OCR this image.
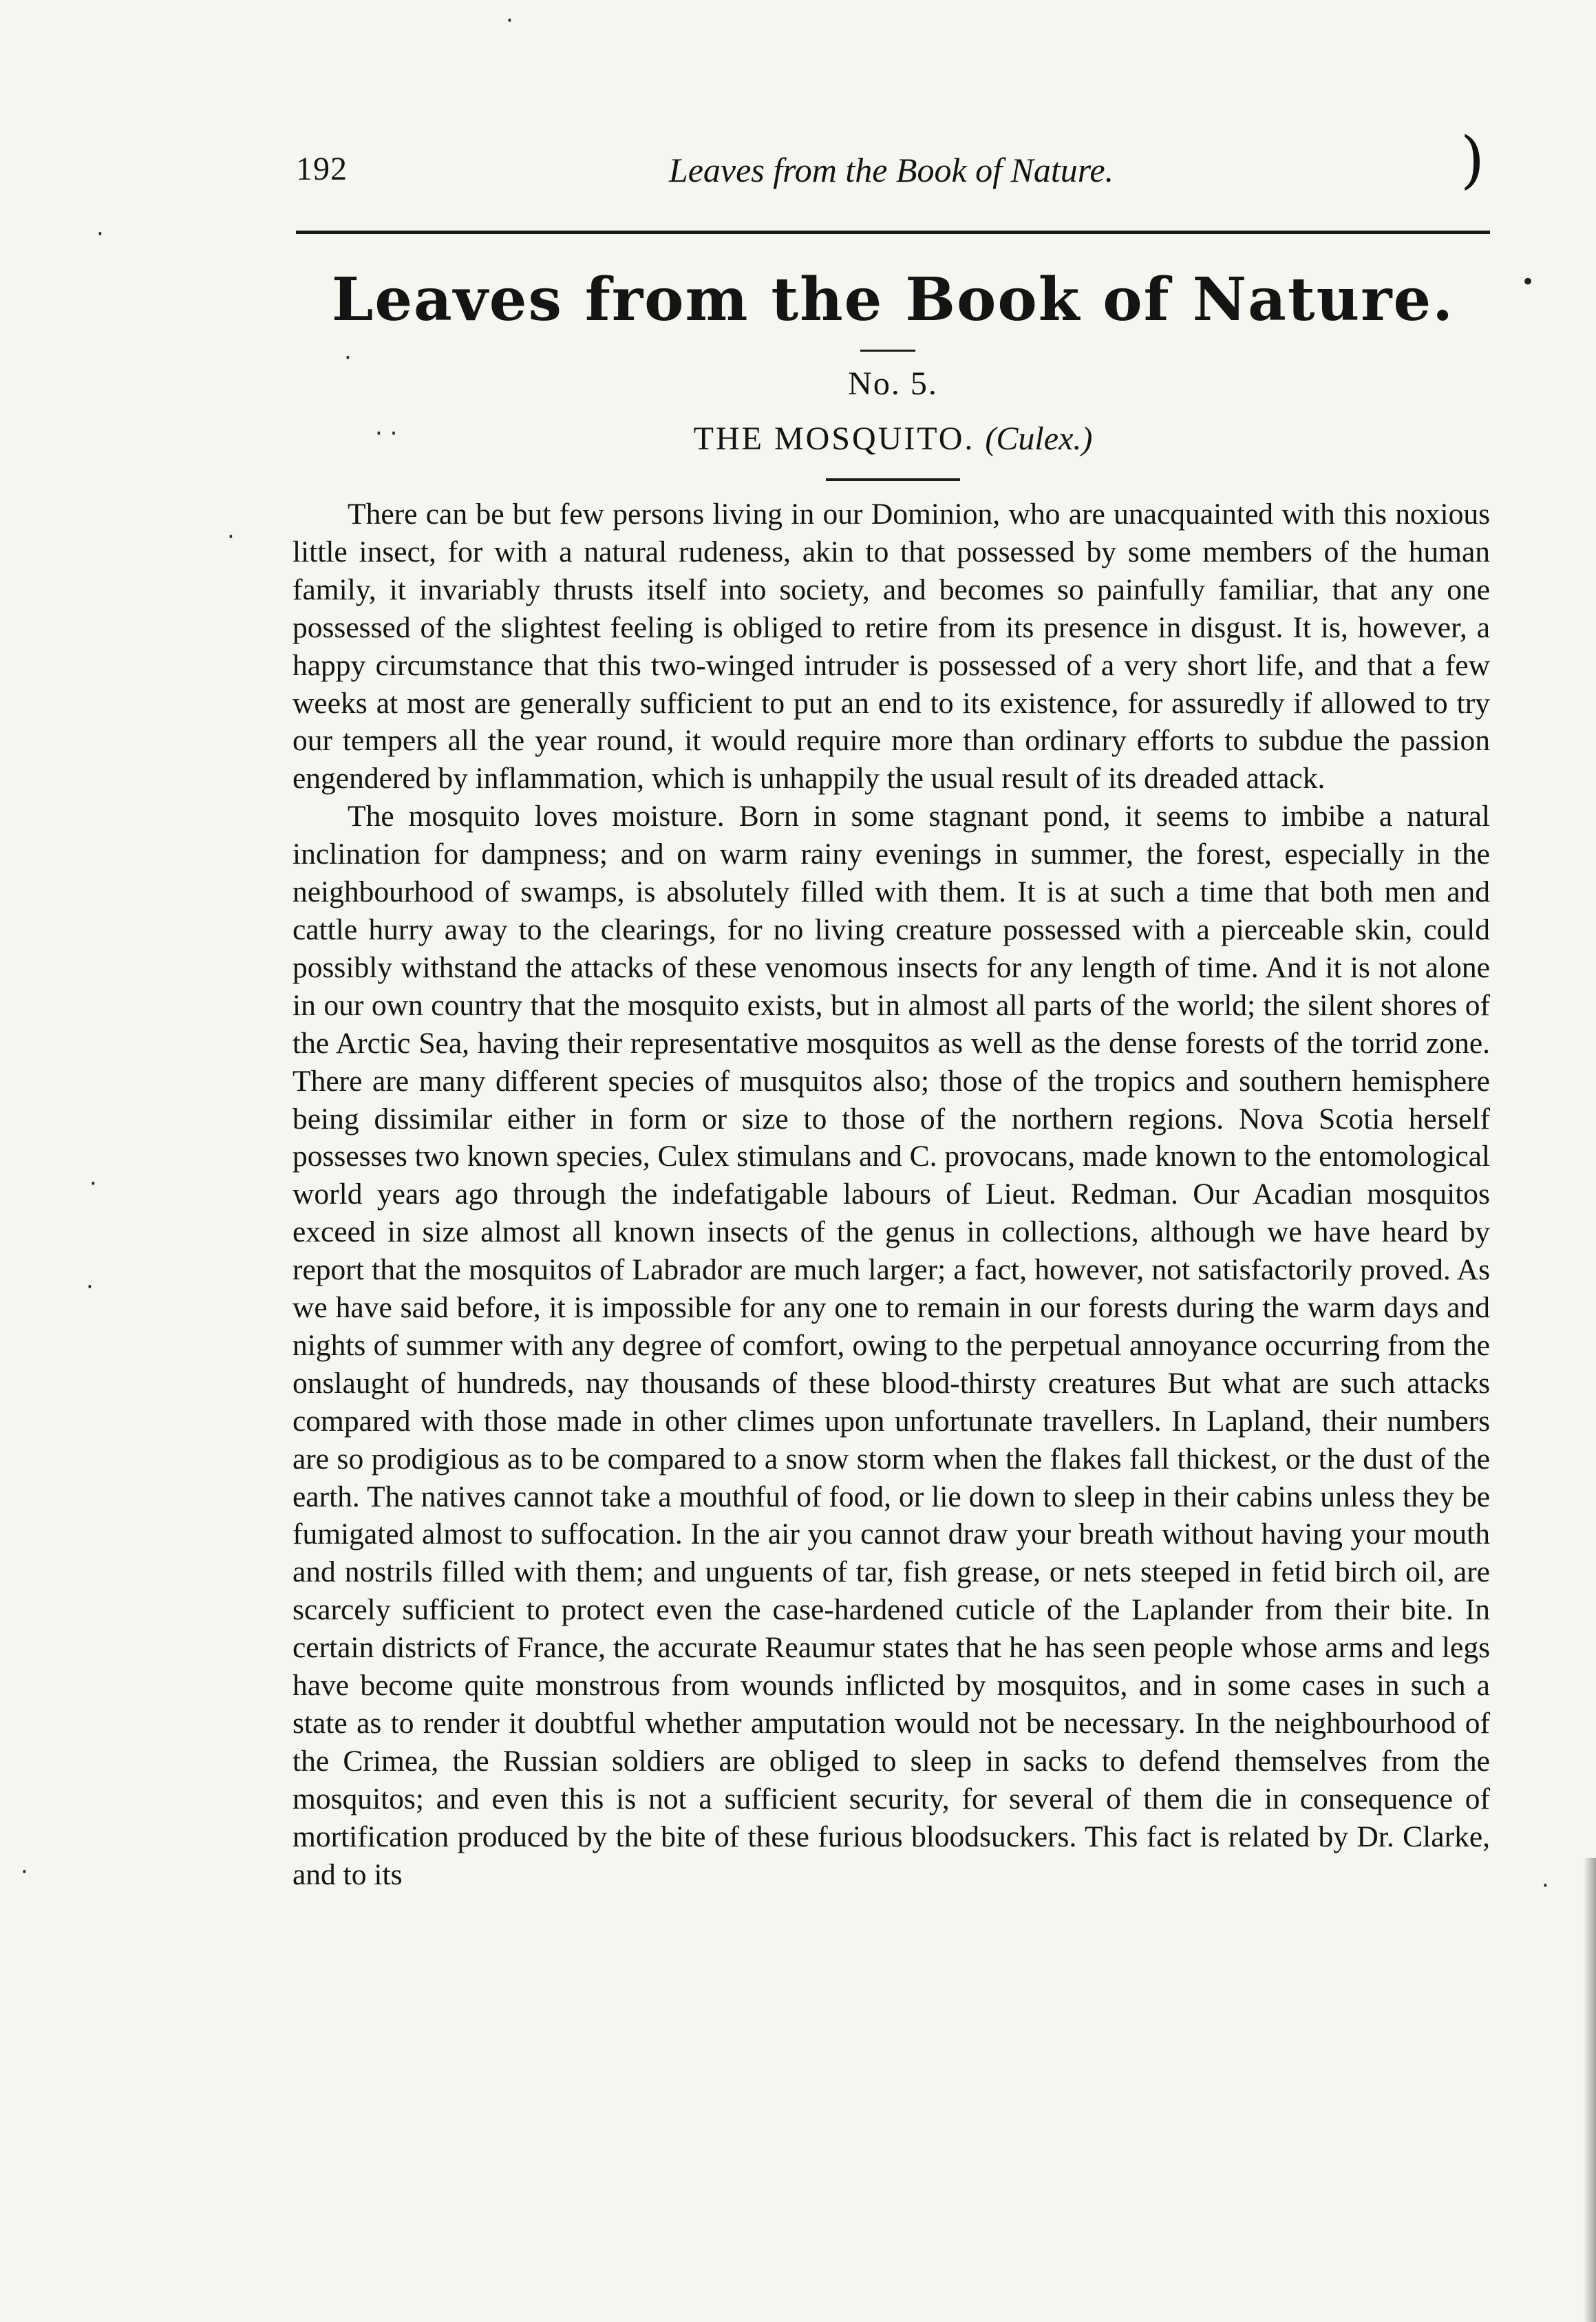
)
192	Leaves from the Book of Nature.
Leaves from the Book of Nature.
No. 5.
THE MOSQUITO. (Culex.)

There can be but few persons living in our Dominion, who are unacquainted with this noxious little insect, for with a natural rudeness, akin to that possessed by some members of the human family, it invariably thrusts itself into society, and becomes so painfully familiar, that any one possessed of the slightest feeling is obliged to retire from its presence in disgust. It is, however, a happy circumstance that this two-winged intruder is possessed of a very short life, and that a few weeks at most are generally sufficient to put an end to its existence, for assuredly if allowed to try our tempers all the year round, it would require more than ordinary efforts to subdue the passion engendered by inflammation, which is unhappily the usual result of its dreaded attack.

The mosquito loves moisture. Born in some stagnant pond, it seems to imbibe a natural inclination for dampness; and on warm rainy evenings in summer, the forest, especially in the neighbourhood of swamps, is absolutely filled with them. It is at such a time that both men and cattle hurry away to the clearings, for no living creature possessed with a pierceable skin, could possibly withstand the attacks of these venomous insects for any length of time. And it is not alone in our own country that the mosquito exists, but in almost all parts of the world; the silent shores of the Arctic Sea, having their representative mosquitos as well as the dense forests of the torrid zone. There are many different species of musquitos also; those of the tropics and southern hemisphere being dissimilar either in form or size to those of the northern regions. Nova Scotia herself possesses two known species, Culex stimulans and C. provocans, made known to the entomological world years ago through the indefatigable labours of Lieut. Redman. Our Acadian mosquitos exceed in size almost all known insects of the genus in collections, although we have heard by report that the mosquitos of Labrador are much larger; a fact, however, not satisfactorily proved. As we have said before, it is impossible for any one to remain in our forests during the warm days and nights of summer with any degree of comfort, owing to the perpetual annoyance occurring from the onslaught of hundreds, nay thousands of these blood-thirsty creatures But what are such attacks compared with those made in other climes upon unfortunate travellers. In Lapland, their numbers are so prodigious as to be compared to a snow storm when the flakes fall thickest, or the dust of the earth. The natives cannot take a mouthful of food, or lie down to sleep in their cabins unless they be fumigated almost to suffocation. In the air you cannot draw your breath without having your mouth and nostrils filled with them; and unguents of tar, fish grease, or nets steeped in fetid birch oil, are scarcely sufficient to protect even the case-hardened cuticle of the Laplander from their bite. In certain districts of France, the accurate Reaumur states that he has seen people whose arms and legs have become quite monstrous from wounds inflicted by mosquitos, and in some cases in such a state as to render it doubtful whether amputation would not be necessary. In the neighbourhood of the Crimea, the Russian soldiers are obliged to sleep in sacks to defend themselves from the mosquitos; and even this is not a sufficient security, for several of them die in consequence of mortification produced by the bite of these furious bloodsuckers. This fact is related by Dr. Clarke, and to its

·
·
·
· ·
·
•
·
·
·	·
